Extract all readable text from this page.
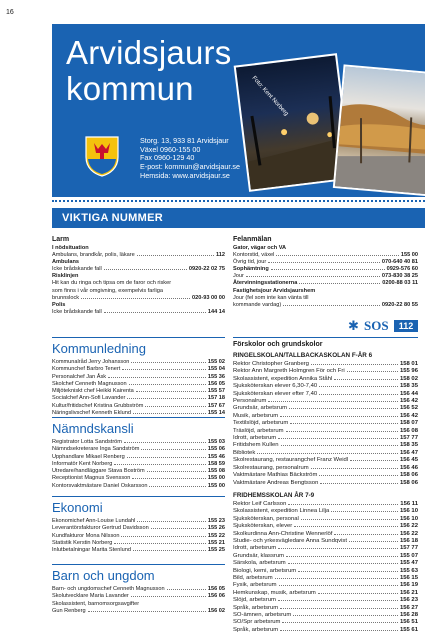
16
Arvidsjaurs
kommun
Storg. 13, 933 81 Arvidsjaur
Växel 0960-155 00
Fax 0960-129 40
E-post: kommun@arvidsjaur.se
Hemsida: www.arvidsjaur.se
Foto: Kent Norberg
VIKTIGA NUMMER
Larm
I nödsituation
Ambulans, brandkår, polis, läkare	112
Ambulans
Icke brådskande fall	0920-22 02 75
Risklinjen
Hit kan du ringa och tipsa om de faror och risker
som finns i vår omgivning, exempelvis farliga
brunnslock	020-93 00 00
Polis
Icke brådskande fall	144 14
Felanmälan
Gator, vägar och VA
Kontorstid, växel	155 00
Övrig tid, jour	070-640 40 81
Sophämtning	0929-576 60
Jour	073-830 38 25
Återvinningsstationerna	0200-88 03 11
Fastighetsjour Arvidsjaurshem
Jour (fel som inte kan vänta till
kommande vardag)	0920-22 80 55
✱ SOS	112
Kommunledning
Kommunalråd Jerry Johansson	155 02
Kommunchef Barbro Tenert	155 04
Personalchef Jan Åsk	155 36
Skolchef Cenneth Magnusson	156 05
Miljötekniskt chef Heikki Kairenta	155 57
Socialchef Ann-Sofi Lavander	157 18
Kultur/fritidschef Kristina Grubbström	157 67
Näringslivschef Kenneth Eklund	155 14
Nämndskansli
Registrator Lotta Sandström	155 03
Nämndsekreterare Inga Sandström	155 06
Upphandlare Mikael Renberg	155 46
Informatör Kent Norberg	158 59
Utredare/handläggare Stava Boström	155 08
Receptionist Magnus Svensson	155 00
Kontorsvaktmästare Daniel Oskarsson	155 00
Ekonomi
Ekonomichef Ann-Louise Lundahl	155 23
Leverantörsfakturor Gertrud Davidsson	155 26
Kundfakturor Mona Nilsson	155 22
Statistik Kerstin Norberg	155 21
Inlutbetalningar Marita Stenlund	155 25
Barn och ungdom
Barn- och ungdomschef Cenneth Magnusson	156 05
Skolutvecklare Maria Lavander	156 06
Skolassistent, barnomsorgsavgifter
Gun Renberg	156 02
Förskolor och grundskolor
RINGELSKOLAN/TALLBACKASKOLAN F-ÅR 6
Rektor Christopher Granberg	158 01
Rektor Ann Margreth Holmgren För och Fri	155 96
Skolassistent, expedition Annika Ståhl	158 02
Sjuksköterskan elever 6,30-7,40	158 35
Sjuksköterskan elever efter 7,40	156 44
Personalrum	156 42
Grundsär, arbetsrum	156 52
Musik, arbetsrum	156 42
Textilslöjd, arbetsrum	158 07
Träslöjd, arbetsrum	156 08
Idrott, arbetsrum	157 77
Fritidshem Kullen	158 35
Bibliotek	156 47
Skolrestaurang, restaurangchef Franz Weidl	156 45
Skolrestaurang, personalrum	156 46
Vaktmästare Mathias Bäckström	158 06
Vaktmästare Andreas Bengtsson	158 06
FRIDHEMSSKOLAN ÅR 7-9
Rektor Leif Carlsson	156 11
Skolassistent, expedition Linnea Lilja	156 10
Sjuksköterskan, personal	156 10
Sjuksköterskan, elever	156 22
Skolkurdinna Ann-Christine Wennerlöf	156 22
Studie- och yrkesvägledare Anna Sundqvist	156 18
Idrott, arbetsrum	157 77
Grundsär, klassrum	155 07
Särskola, arbetsrum	155 47
Biologi, kemi, arbetsrum	155 63
Bild, arbetsrum	156 15
Fysik, arbetsrum	156 19
Hemkunskap, musik, arbetsrum	156 21
Slöjd, arbetsrum	156 23
Språk, arbetsrum	156 27
SO-ämnen, arbetsrum	156 28
SO/Spr arbetsrum	156 51
Språk, arbetsrum	155 61
